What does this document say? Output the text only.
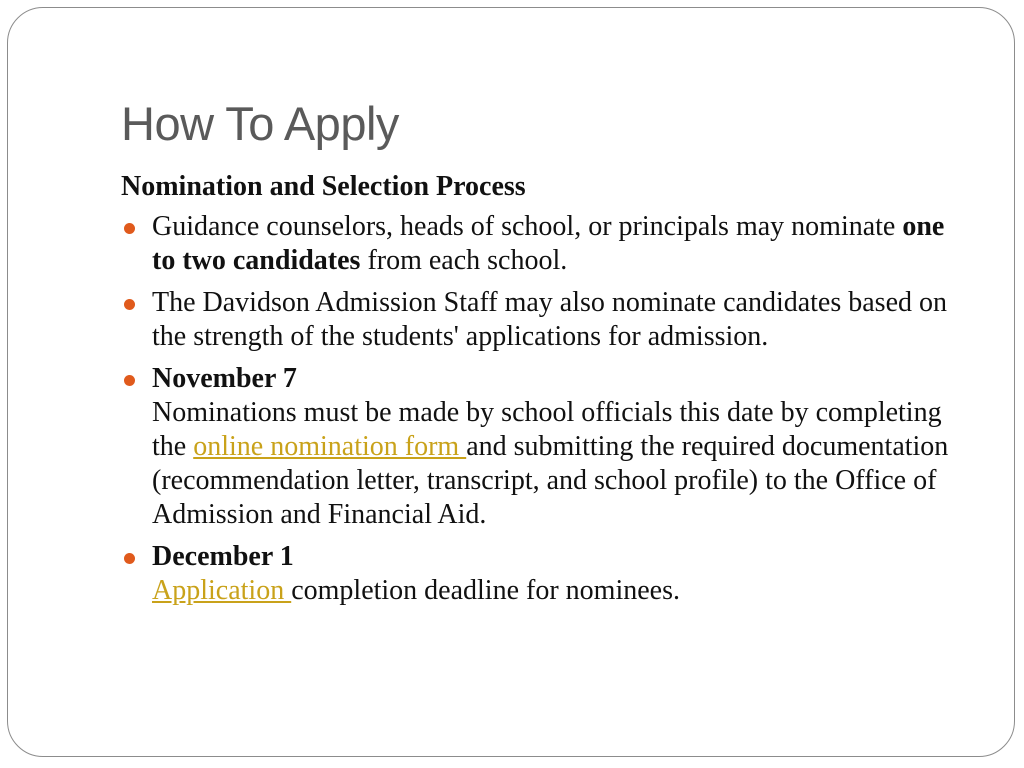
How To Apply
Nomination and Selection Process
Guidance counselors, heads of school, or principals may nominate one to two candidates from each school.
The Davidson Admission Staff may also nominate candidates based on the strength of the students' applications for admission.
November 7
Nominations must be made by school officials this date by completing the online nomination form and submitting the required documentation (recommendation letter, transcript, and school profile) to the Office of Admission and Financial Aid.
December 1
Application completion deadline for nominees.
